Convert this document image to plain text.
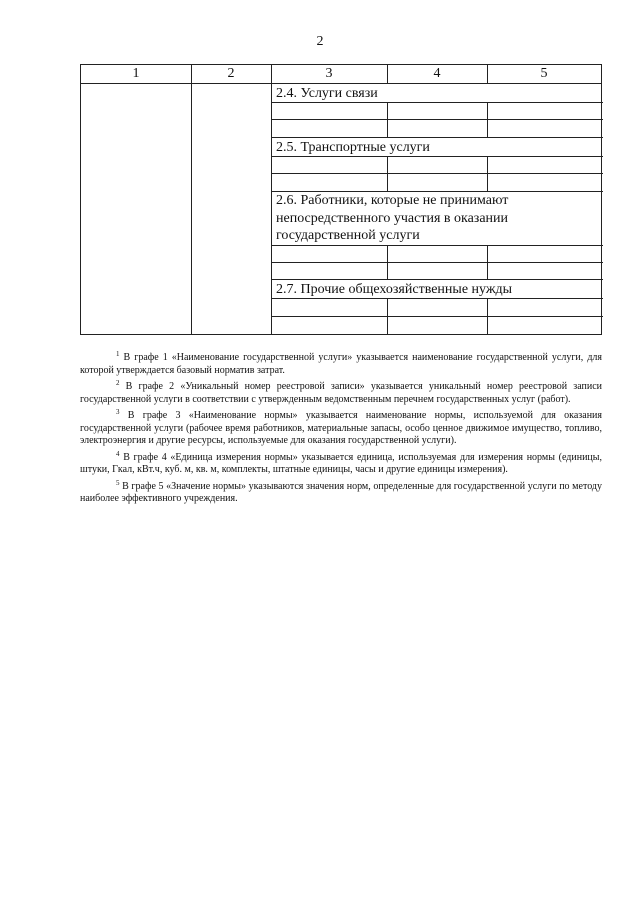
2
1	2	3	4	5
2.4. Услуги связи
2.5. Транспортные услуги
2.6. Работники, которые не принимают непосредственного участия в оказании государственной услуги
2.7. Прочие общехозяйственные нужды

$^1$ В графе 1 «Наименование государственной услуги» указывается наименование государственной услуги, для которой утверждается базовый норматив затрат.

$^2$ В графе 2 «Уникальный номер реестровой записи» указывается уникальный номер реестровой записи государственной услуги в соответствии с утвержденным ведомственным перечнем государственных услуг (работ).

$^3$ В графе 3 «Наименование нормы» указывается наименование нормы, используемой для оказания государственной услуги (рабочее время работников, материальные запасы, особо ценное движимое имущество, топливо, электроэнергия и другие ресурсы, используемые для оказания государственной услуги).

$^4$ В графе 4 «Единица измерения нормы» указывается единица, используемая для измерения нормы (единицы, штуки, Гкал, кВт.ч, куб. м, кв. м, комплекты, штатные единицы, часы и другие единицы измерения).

$^5$ В графе 5 «Значение нормы» указываются значения норм, определенные для государственной услуги по методу наиболее эффективного учреждения.
